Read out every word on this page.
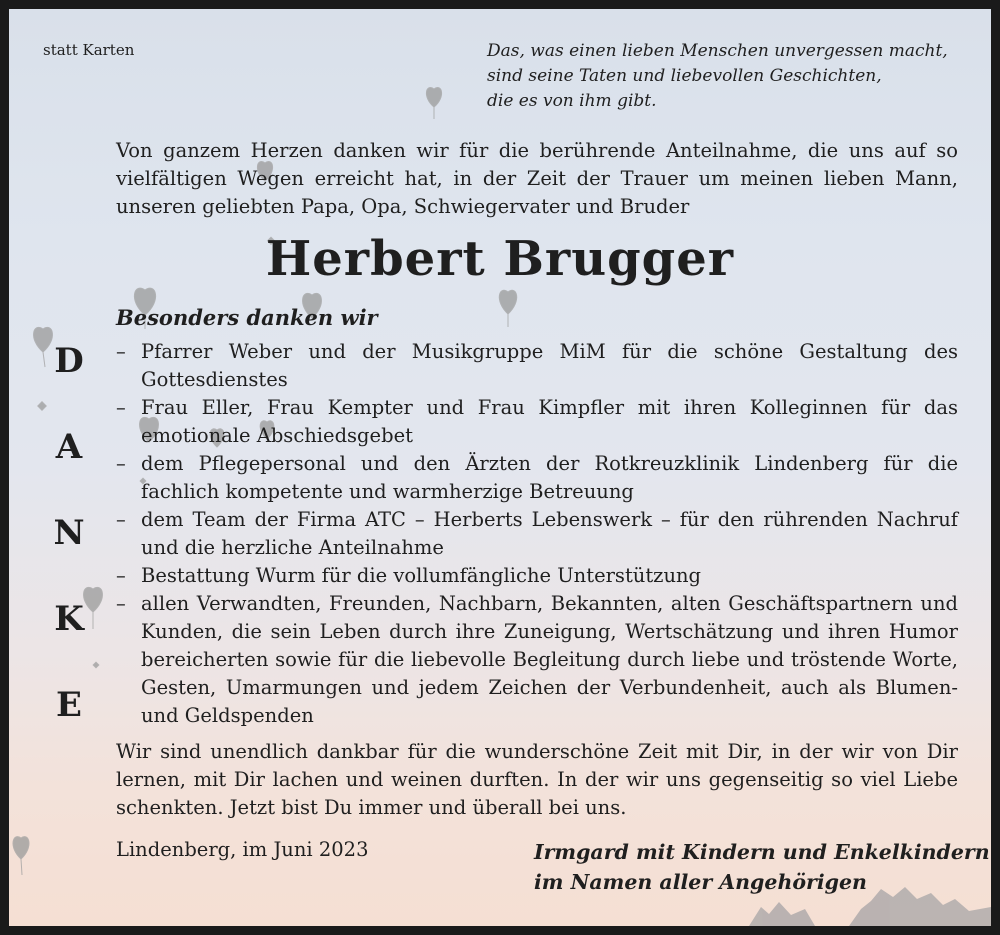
statt Karten	Das, was einen lieben Menschen unvergessen macht,
sind seine Taten und liebevollen Geschichten,
die es von ihm gibt.
Von ganzem Herzen danken wir für die berührende Anteilnahme, die uns auf so vielfältigen Wegen erreicht hat, in der Zeit der Trauer um meinen lieben Mann, unseren geliebten Papa, Opa, Schwiegervater und Bruder
Herbert Brugger
Besonders danken wir
D
A
N
K
E
– Pfarrer Weber und der Musikgruppe MiM für die schöne Gestaltung des Gottesdienstes
– Frau Eller, Frau Kempter und Frau Kimpfler mit ihren Kolleginnen für das emotionale Abschiedsgebet
– dem Pflegepersonal und den Ärzten der Rotkreuzklinik Lindenberg für die fachlich kompetente und warmherzige Betreuung
– dem Team der Firma ATC – Herberts Lebenswerk – für den rührenden Nachruf und die herzliche Anteilnahme
– Bestattung Wurm für die vollumfängliche Unterstützung
– allen Verwandten, Freunden, Nachbarn, Bekannten, alten Geschäftspartnern und Kunden, die sein Leben durch ihre Zuneigung, Wertschätzung und ihren Humor bereicherten sowie für die liebevolle Begleitung durch liebe und tröstende Worte, Gesten, Umarmungen und jedem Zeichen der Verbundenheit, auch als Blumen- und Geldspenden
Wir sind unendlich dankbar für die wunderschöne Zeit mit Dir, in der wir von Dir lernen, mit Dir lachen und weinen durften. In der wir uns gegenseitig so viel Liebe schenkten. Jetzt bist Du immer und überall bei uns.
Lindenberg, im Juni 2023	Irmgard mit Kindern und Enkelkindern
im Namen aller Angehörigen
